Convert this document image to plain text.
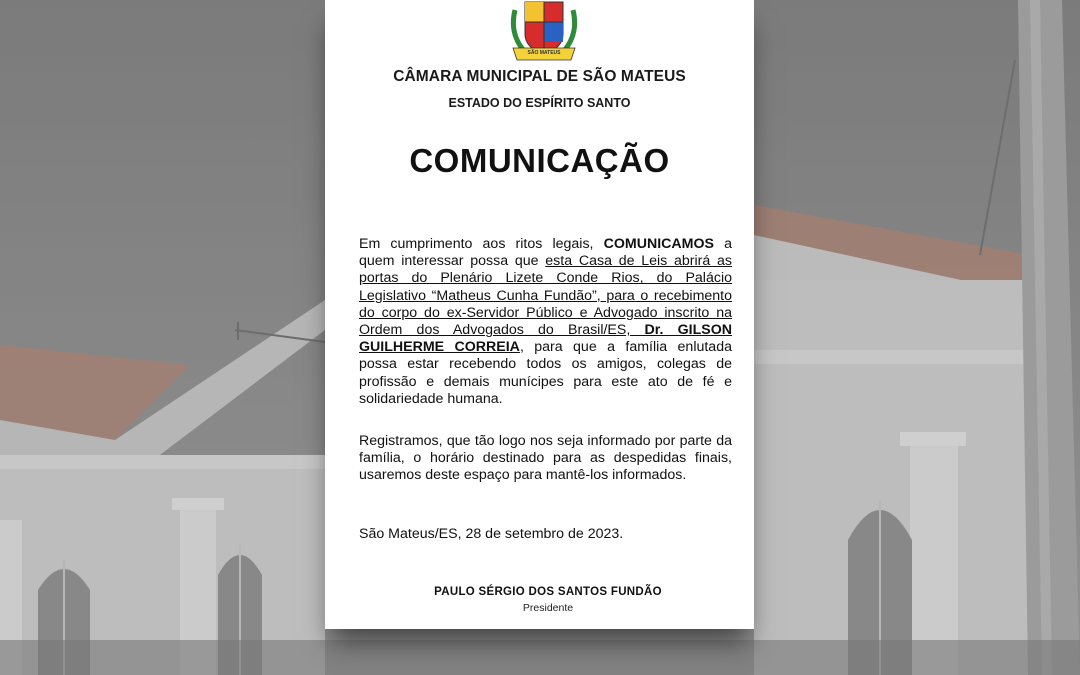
SÃO MATEUS
CÂMARA MUNICIPAL DE SÃO MATEUS
ESTADO DO ESPÍRITO SANTO
COMUNICAÇÃO
Em cumprimento aos ritos legais, COMUNICAMOS a quem interessar possa que esta Casa de Leis abrirá as portas do Plenário Lizete Conde Rios, do Palácio Legislativo “Matheus Cunha Fundão”, para o recebimento do corpo do ex-Servidor Público e Advogado inscrito na Ordem dos Advogados do Brasil/ES, Dr. GILSON GUILHERME CORREIA, para que a família enlutada possa estar recebendo todos os amigos, colegas de profissão e demais munícipes para este ato de fé e solidariedade humana.
Registramos, que tão logo nos seja informado por parte da família, o horário destinado para as despedidas finais, usaremos deste espaço para mantê-los informados.
São Mateus/ES, 28 de setembro de 2023.
PAULO SÉRGIO DOS SANTOS FUNDÃO
Presidente
